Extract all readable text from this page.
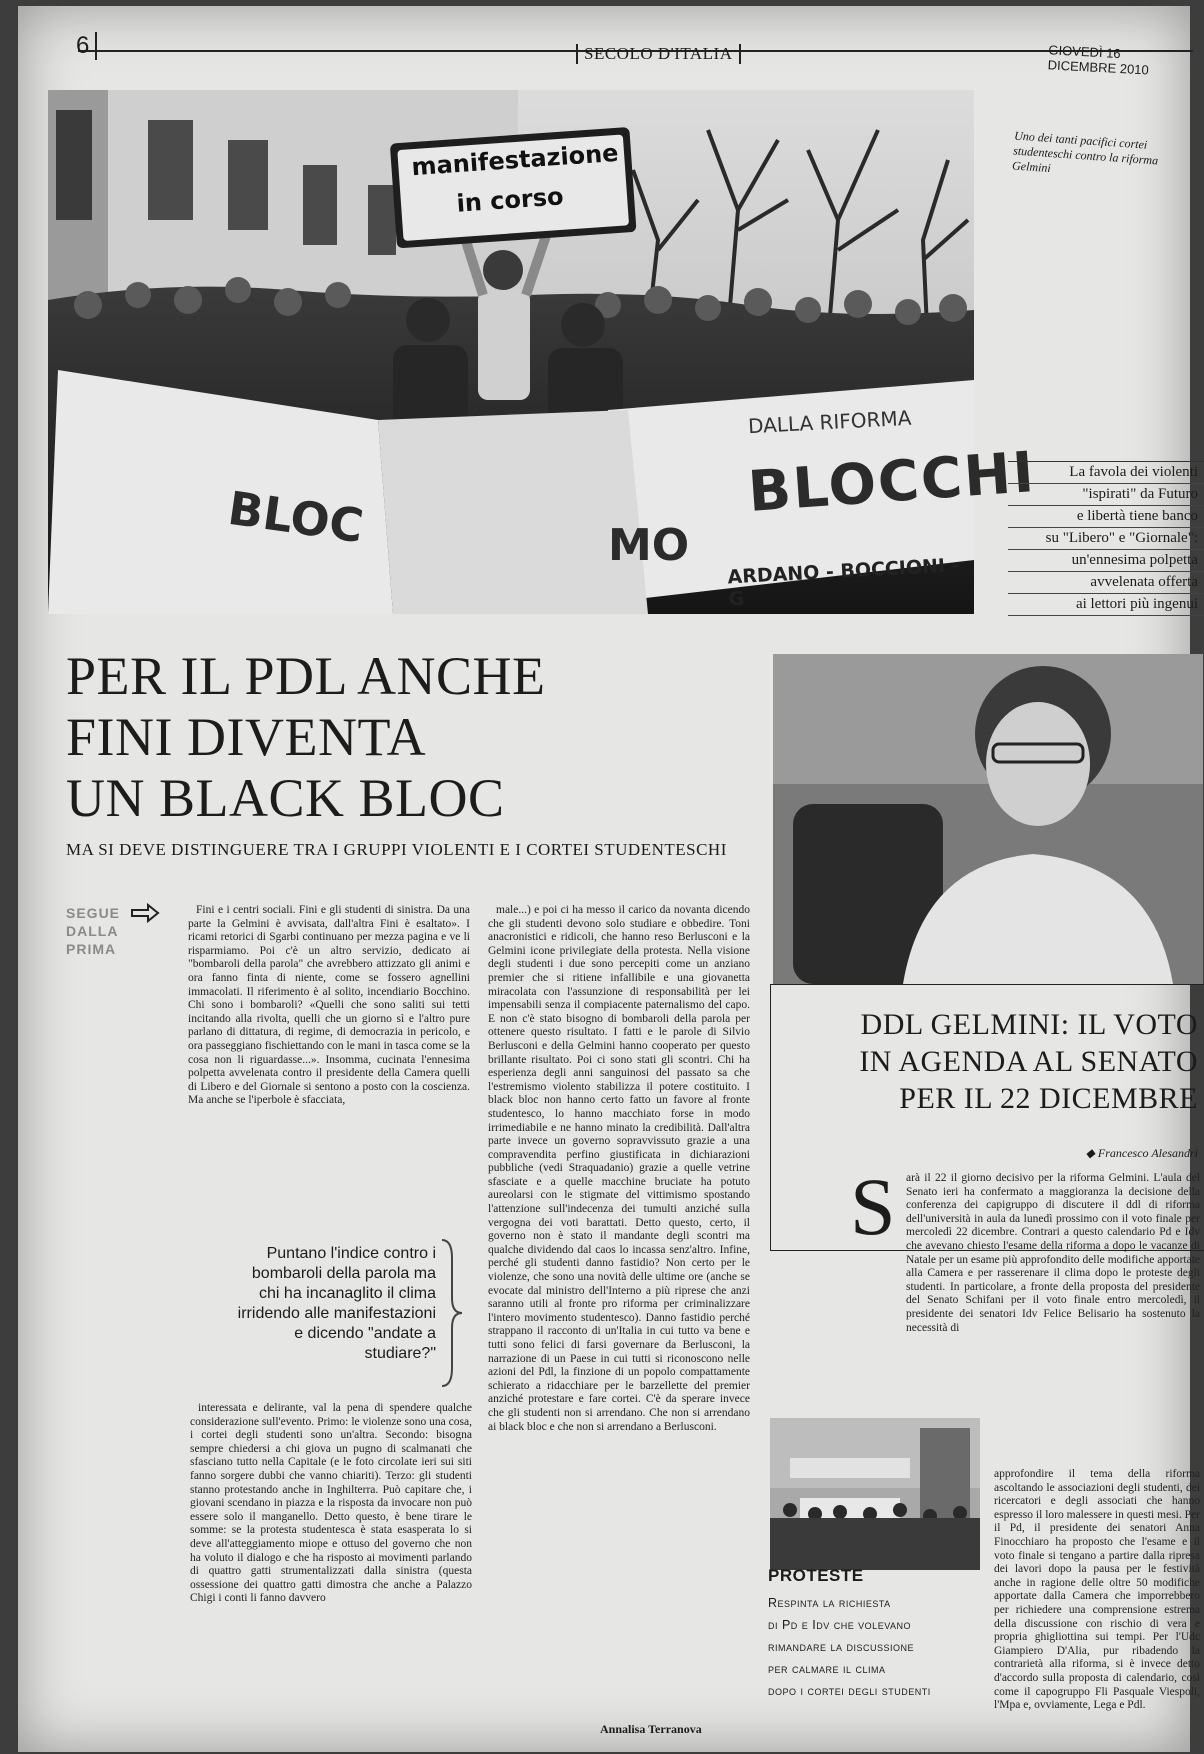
6	SECOLO D'ITALIA	GIOVEDÌ 16 DICEMBRE 2010
manifestazione
in corso
BLOCCHI
DALLA RIFORMA
ARDANO - BOCCIONI - G
BLOC	MO
Uno dei tanti pacifici cortei studenteschi contro la riforma Gelmini
La favola dei violenti
"ispirati" da Futuro
e libertà tiene banco
su "Libero" e "Giornale":
un'ennesima polpetta
avvelenata offerta
ai lettori più ingenui
PER IL PDL ANCHE
FINI DIVENTA
UN BLACK BLOC
MA SI DEVE DISTINGUERE TRA I GRUPPI VIOLENTI E I CORTEI STUDENTESCHI
SEGUE
DALLA
PRIMA

Fini e i centri sociali. Fini e gli studenti di sinistra. Da una parte la Gelmini è avvisata, dall'altra Fini è esaltato». I ricami retorici di Sgarbi continuano per mezza pagina e ve li risparmiamo. Poi c'è un altro servizio, dedicato ai "bombaroli della parola" che avrebbero attizzato gli animi e ora fanno finta di niente, come se fossero agnellini immacolati. Il riferimento è al solito, incendiario Bocchino. Chi sono i bombaroli? «Quelli che sono saliti sui tetti incitando alla rivolta, quelli che un giorno sì e l'altro pure parlano di dittatura, di regime, di democrazia in pericolo, e ora passeggiano fischiettando con le mani in tasca come se la cosa non li riguardasse...». Insomma, cucinata l'ennesima polpetta avvelenata contro il presidente della Camera quelli di Libero e del Giornale si sentono a posto con la coscienza. Ma anche se l'iperbole è sfacciata,

Puntano l'indice contro i bombaroli della parola ma chi ha incanaglito il clima irridendo alle manifestazioni e dicendo "andate a studiare?"

interessata e delirante, val la pena di spendere qualche considerazione sull'evento. Primo: le violenze sono una cosa, i cortei degli studenti sono un'altra. Secondo: bisogna sempre chiedersi a chi giova un pugno di scalmanati che sfasciano tutto nella Capitale (e le foto circolate ieri sui siti fanno sorgere dubbi che vanno chiariti). Terzo: gli studenti stanno protestando anche in Inghilterra. Può capitare che, i giovani scendano in piazza e la risposta da invocare non può essere solo il manganello. Detto questo, è bene tirare le somme: se la protesta studentesca è stata esasperata lo si deve all'atteggiamento miope e ottuso del governo che non ha voluto il dialogo e che ha risposto ai movimenti parlando di quattro gatti strumentalizzati dalla sinistra (questa ossessione dei quattro gatti dimostra che anche a Palazzo Chigi i conti li fanno davvero

male...) e poi ci ha messo il carico da novanta dicendo che gli studenti devono solo studiare e obbedire. Toni anacronistici e ridicoli, che hanno reso Berlusconi e la Gelmini icone privilegiate della protesta. Nella visione degli studenti i due sono percepiti come un anziano premier che si ritiene infallibile e una giovanetta miracolata con l'assunzione di responsabilità per lei impensabili senza il compiacente paternalismo del capo. E non c'è stato bisogno di bombaroli della parola per ottenere questo risultato. I fatti e le parole di Silvio Berlusconi e della Gelmini hanno cooperato per questo brillante risultato. Poi ci sono stati gli scontri. Chi ha esperienza degli anni sanguinosi del passato sa che l'estremismo violento stabilizza il potere costituito. I black bloc non hanno certo fatto un favore al fronte studentesco, lo hanno macchiato forse in modo irrimediabile e ne hanno minato la credibilità. Dall'altra parte invece un governo sopravvissuto grazie a una compravendita perfino giustificata in dichiarazioni pubbliche (vedi Straquadanio) grazie a quelle vetrine sfasciate e a quelle macchine bruciate ha potuto aureolarsi con le stigmate del vittimismo spostando l'attenzione sull'indecenza dei tumulti anziché sulla vergogna dei voti barattati. Detto questo, certo, il governo non è stato il mandante degli scontri ma qualche dividendo dal caos lo incassa senz'altro. Infine, perché gli studenti danno fastidio? Non certo per le violenze, che sono una novità delle ultime ore (anche se evocate dal ministro dell'Interno a più riprese che anzi saranno utili al fronte pro riforma per criminalizzare l'intero movimento studentesco). Danno fastidio perché strappano il racconto di un'Italia in cui tutto va bene e tutti sono felici di farsi governare da Berlusconi, la narrazione di un Paese in cui tutti si riconoscono nelle azioni del Pdl, la finzione di un popolo compattamente schierato a ridacchiare per le barzellette del premier anziché protestare e fare cortei. C'è da sperare invece che gli studenti non si arrendano. Che non si arrendano ai black bloc e che non si arrendano a Berlusconi.

Annalisa Terranova
DDL GELMINI: IL VOTO
IN AGENDA AL SENATO
PER IL 22 DICEMBRE
◆ Francesco Alesandri
S arà il 22 il giorno decisivo per la riforma Gelmini. L'aula del Senato ieri ha confermato a maggioranza la decisione della conferenza dei capigruppo di discutere il ddl di riforma dell'università in aula da lunedì prossimo con il voto finale per mercoledì 22 dicembre. Contrari a questo calendario Pd e Idv che avevano chiesto l'esame della riforma a dopo le vacanze di Natale per un esame più approfondito delle modifiche apportate alla Camera e per rasserenare il clima dopo le proteste degli studenti. In particolare, a fronte della proposta del presidente del Senato Schifani per il voto finale entro mercoledì, il presidente dei senatori Idv Felice Belisario ha sostenuto la necessità di

approfondire il tema della riforma ascoltando le associazioni degli studenti, dei ricercatori e degli associati che hanno espresso il loro malessere in questi mesi. Per il Pd, il presidente dei senatori Anna Finocchiaro ha proposto che l'esame e il voto finale si tengano a partire dalla ripresa dei lavori dopo la pausa per le festività anche in ragione delle oltre 50 modifiche apportate dalla Camera che imporrebbero per richiedere una comprensione estrema della discussione con rischio di vera e propria ghigliottina sui tempi. Per l'Udc Giampiero D'Alia, pur ribadendo la contrarietà alla riforma, si è invece detto d'accordo sulla proposta di calendario, così come il capogruppo Fli Pasquale Viespoli, l'Mpa e, ovviamente, Lega e Pdl.

PROTESTE
Respinta la richiesta
di Pd e Idv che volevano
rimandare la discussione
per calmare il clima
dopo i cortei degli studenti
